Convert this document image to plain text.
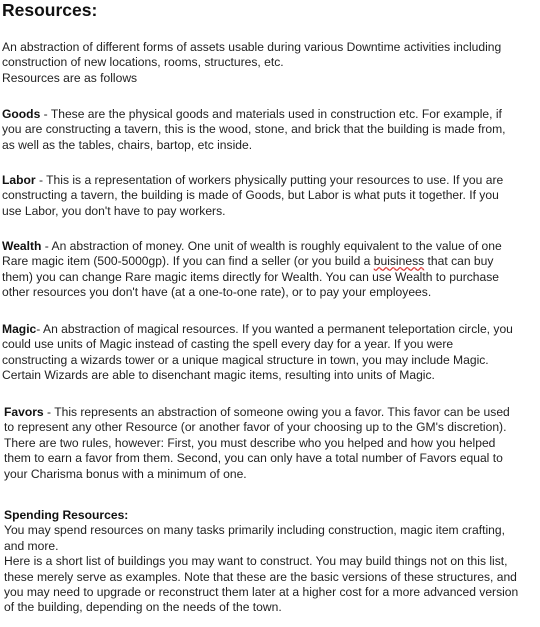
Resources:
An abstraction of different forms of assets usable during various Downtime activities including
construction of new locations, rooms, structures, etc.
Resources are as follows
Goods - These are the physical goods and materials used in construction etc. For example, if
you are constructing a tavern, this is the wood, stone, and brick that the building is made from,
as well as the tables, chairs, bartop, etc inside.
Labor - This is a representation of workers physically putting your resources to use. If you are
constructing a tavern, the building is made of Goods, but Labor is what puts it together. If you
use Labor, you don't have to pay workers.
Wealth - An abstraction of money. One unit of wealth is roughly equivalent to the value of one
Rare magic item (500-5000gp). If you can find a seller (or you build a buisiness that can buy
them) you can change Rare magic items directly for Wealth. You can use Wealth to purchase
other resources you don't have (at a one-to-one rate), or to pay your employees.
Magic- An abstraction of magical resources. If you wanted a permanent teleportation circle, you
could use units of Magic instead of casting the spell every day for a year. If you were
constructing a wizards tower or a unique magical structure in town, you may include Magic.
Certain Wizards are able to disenchant magic items, resulting into units of Magic.
Favors - This represents an abstraction of someone owing you a favor. This favor can be used
to represent any other Resource (or another favor of your choosing up to the GM's discretion).
There are two rules, however: First, you must describe who you helped and how you helped
them to earn a favor from them. Second, you can only have a total number of Favors equal to
your Charisma bonus with a minimum of one.
Spending Resources:
You may spend resources on many tasks primarily including construction, magic item crafting,
and more.
Here is a short list of buildings you may want to construct. You may build things not on this list,
these merely serve as examples. Note that these are the basic versions of these structures, and
you may need to upgrade or reconstruct them later at a higher cost for a more advanced version
of the building, depending on the needs of the town.
